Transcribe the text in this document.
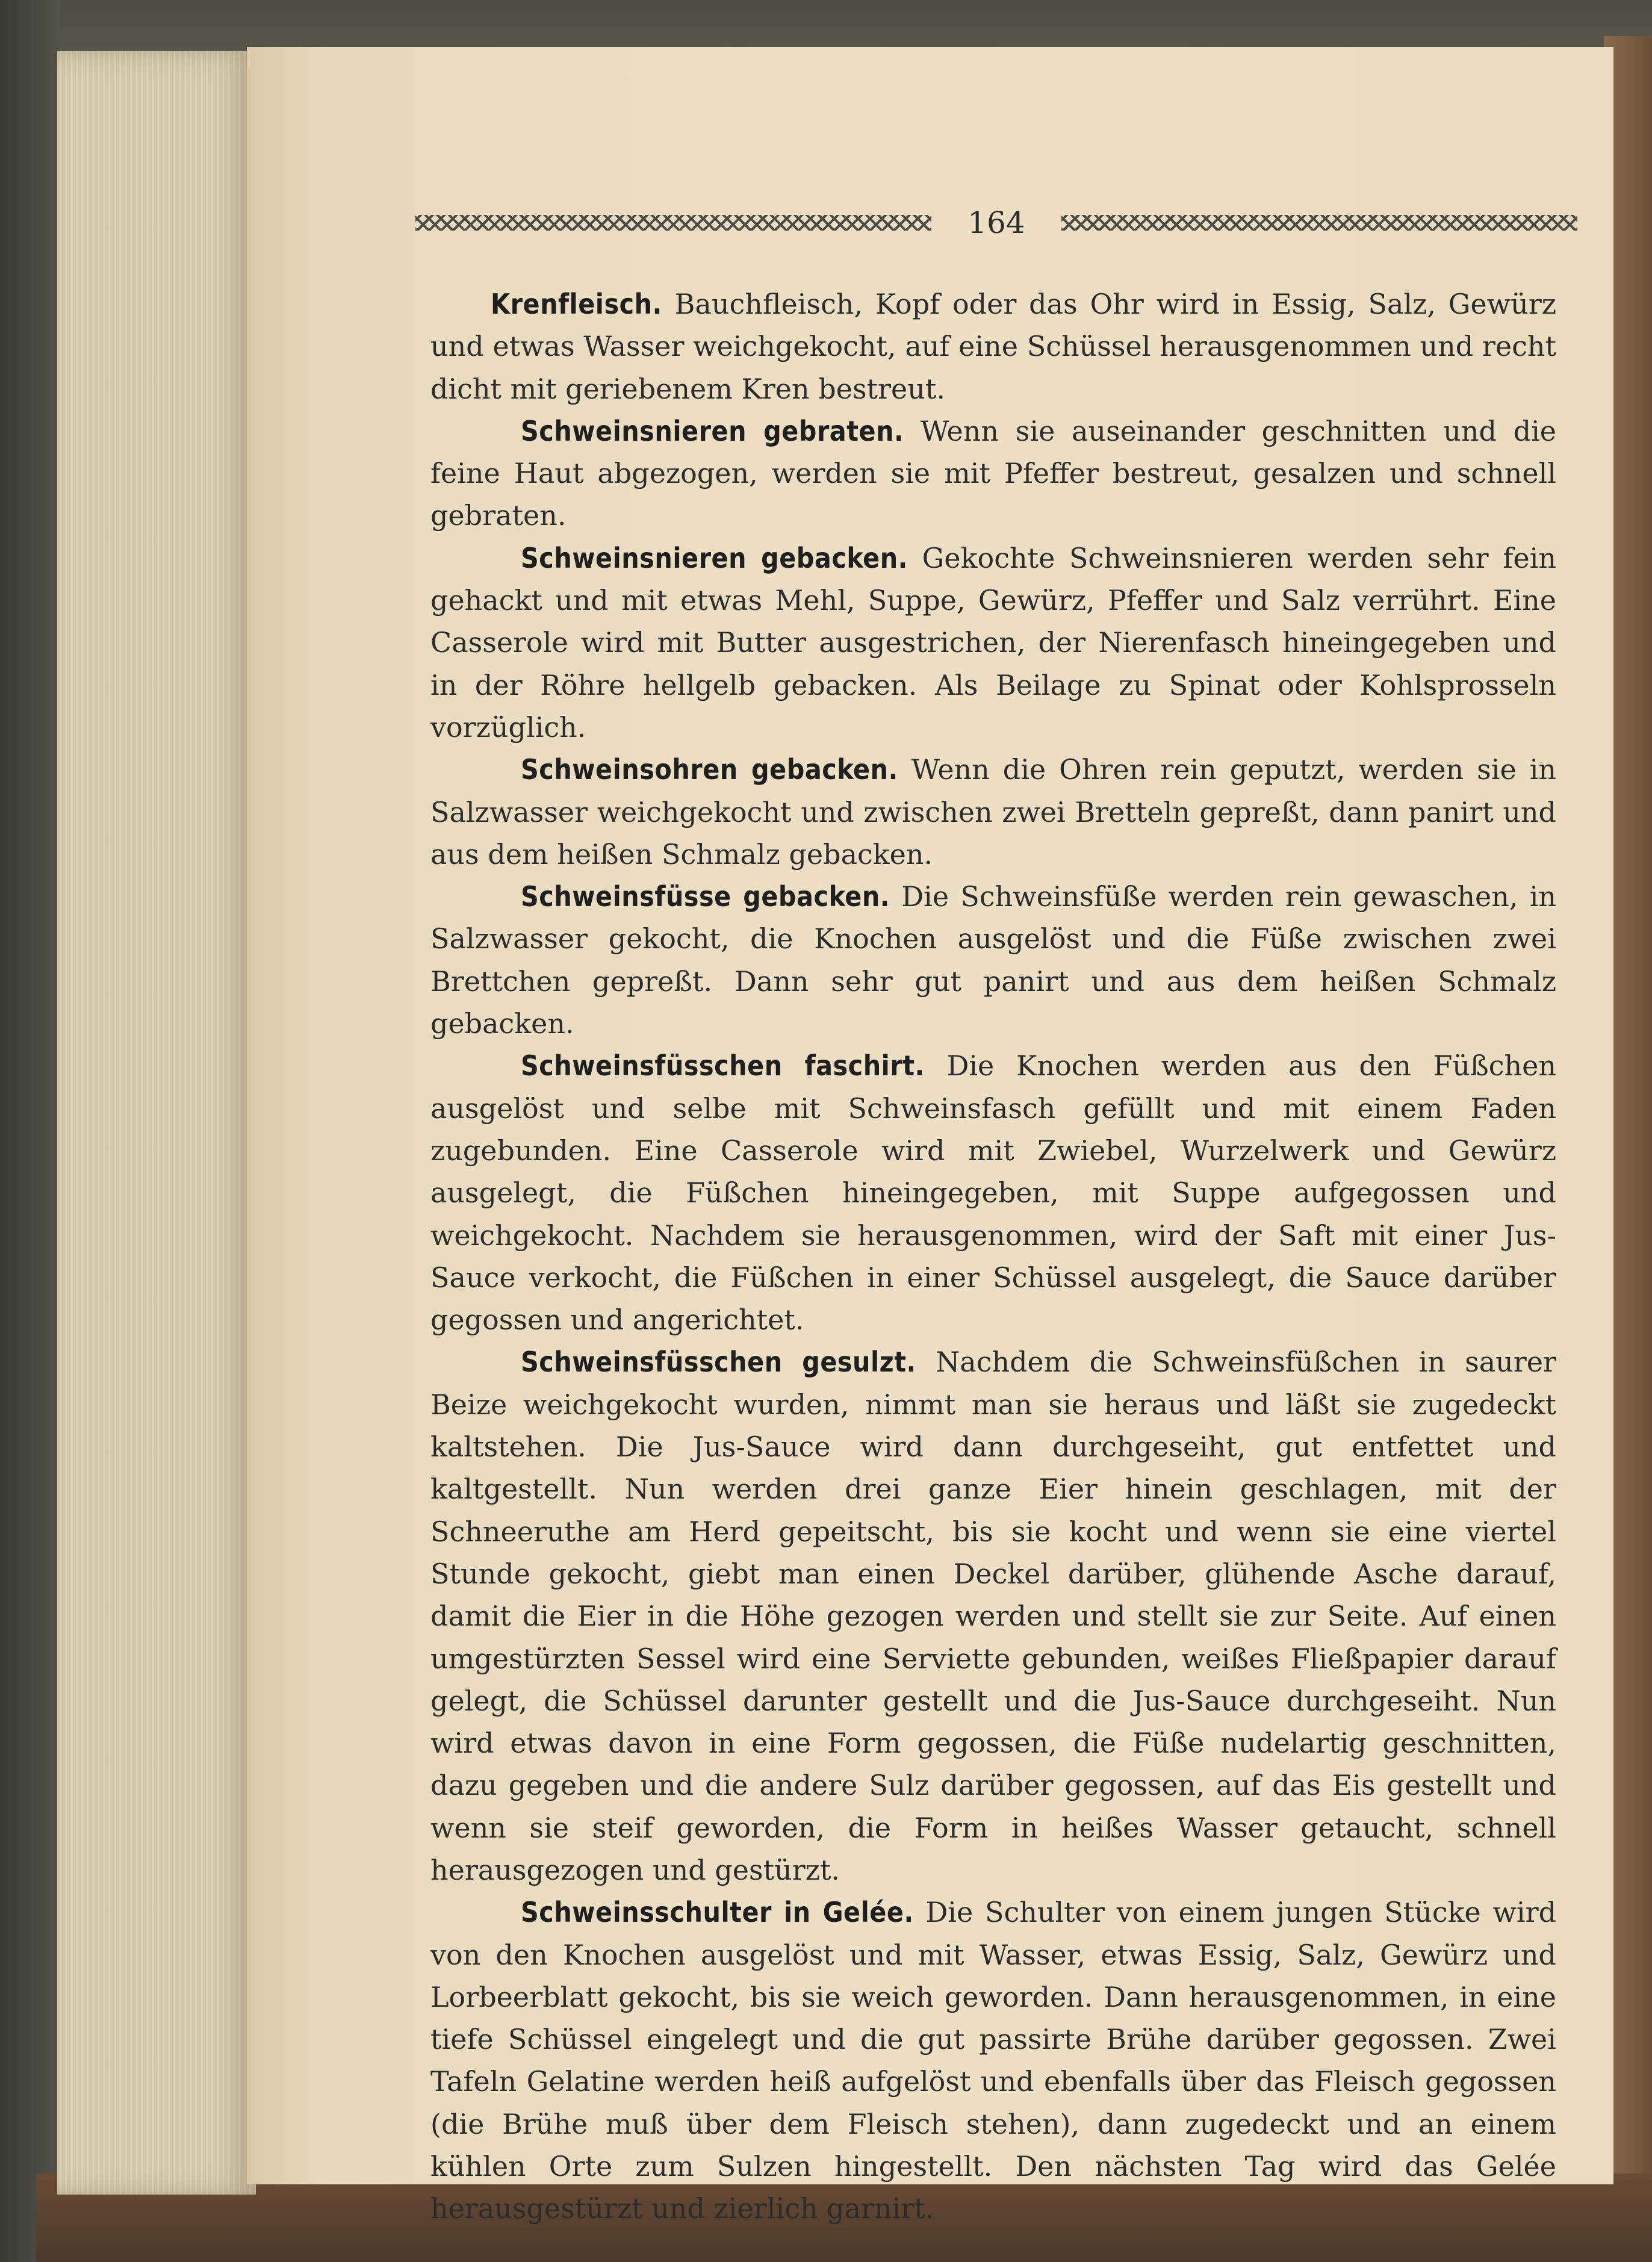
164

Krenfleisch. Bauchfleisch, Kopf oder das Ohr wird in Essig, Salz, Gewürz und etwas Wasser weichgekocht, auf eine Schüssel herausgenommen und recht dicht mit geriebenem Kren bestreut.

Schweinsnieren gebraten. Wenn sie auseinander geschnitten und die feine Haut abgezogen, werden sie mit Pfeffer bestreut, gesalzen und schnell gebraten.

Schweinsnieren gebacken. Gekochte Schweinsnieren werden sehr fein gehackt und mit etwas Mehl, Suppe, Gewürz, Pfeffer und Salz verrührt. Eine Casserole wird mit Butter ausgestrichen, der Nierenfasch hineingegeben und in der Röhre hellgelb gebacken. Als Beilage zu Spinat oder Kohlsprosseln vorzüglich.

Schweinsohren gebacken. Wenn die Ohren rein geputzt, werden sie in Salzwasser weichgekocht und zwischen zwei Bretteln gepreßt, dann panirt und aus dem heißen Schmalz gebacken.

Schweinsfüsse gebacken. Die Schweinsfüße werden rein gewaschen, in Salzwasser gekocht, die Knochen ausgelöst und die Füße zwischen zwei Brettchen gepreßt. Dann sehr gut panirt und aus dem heißen Schmalz gebacken.

Schweinsfüsschen faschirt. Die Knochen werden aus den Füßchen ausgelöst und selbe mit Schweinsfasch gefüllt und mit einem Faden zugebunden. Eine Casserole wird mit Zwiebel, Wurzelwerk und Gewürz ausgelegt, die Füßchen hineingegeben, mit Suppe aufgegossen und weichgekocht. Nachdem sie herausgenommen, wird der Saft mit einer Jus-Sauce verkocht, die Füßchen in einer Schüssel ausgelegt, die Sauce darüber gegossen und angerichtet.

Schweinsfüsschen gesulzt. Nachdem die Schweinsfüßchen in saurer Beize weichgekocht wurden, nimmt man sie heraus und läßt sie zugedeckt kaltstehen. Die Jus-Sauce wird dann durchgeseiht, gut entfettet und kaltgestellt. Nun werden drei ganze Eier hinein geschlagen, mit der Schneeruthe am Herd gepeitscht, bis sie kocht und wenn sie eine viertel Stunde gekocht, giebt man einen Deckel darüber, glühende Asche darauf, damit die Eier in die Höhe gezogen werden und stellt sie zur Seite. Auf einen umgestürzten Sessel wird eine Serviette gebunden, weißes Fließpapier darauf gelegt, die Schüssel darunter gestellt und die Jus-Sauce durchgeseiht. Nun wird etwas davon in eine Form gegossen, die Füße nudelartig geschnitten, dazu gegeben und die andere Sulz darüber gegossen, auf das Eis gestellt und wenn sie steif geworden, die Form in heißes Wasser getaucht, schnell herausgezogen und gestürzt.

Schweinsschulter in Gelée. Die Schulter von einem jungen Stücke wird von den Knochen ausgelöst und mit Wasser, etwas Essig, Salz, Gewürz und Lorbeerblatt gekocht, bis sie weich geworden. Dann herausgenommen, in eine tiefe Schüssel eingelegt und die gut passirte Brühe darüber gegossen. Zwei Tafeln Gelatine werden heiß aufgelöst und ebenfalls über das Fleisch gegossen (die Brühe muß über dem Fleisch stehen), dann zugedeckt und an einem kühlen Orte zum Sulzen hingestellt. Den nächsten Tag wird das Gelée herausgestürzt und zierlich garnirt.
